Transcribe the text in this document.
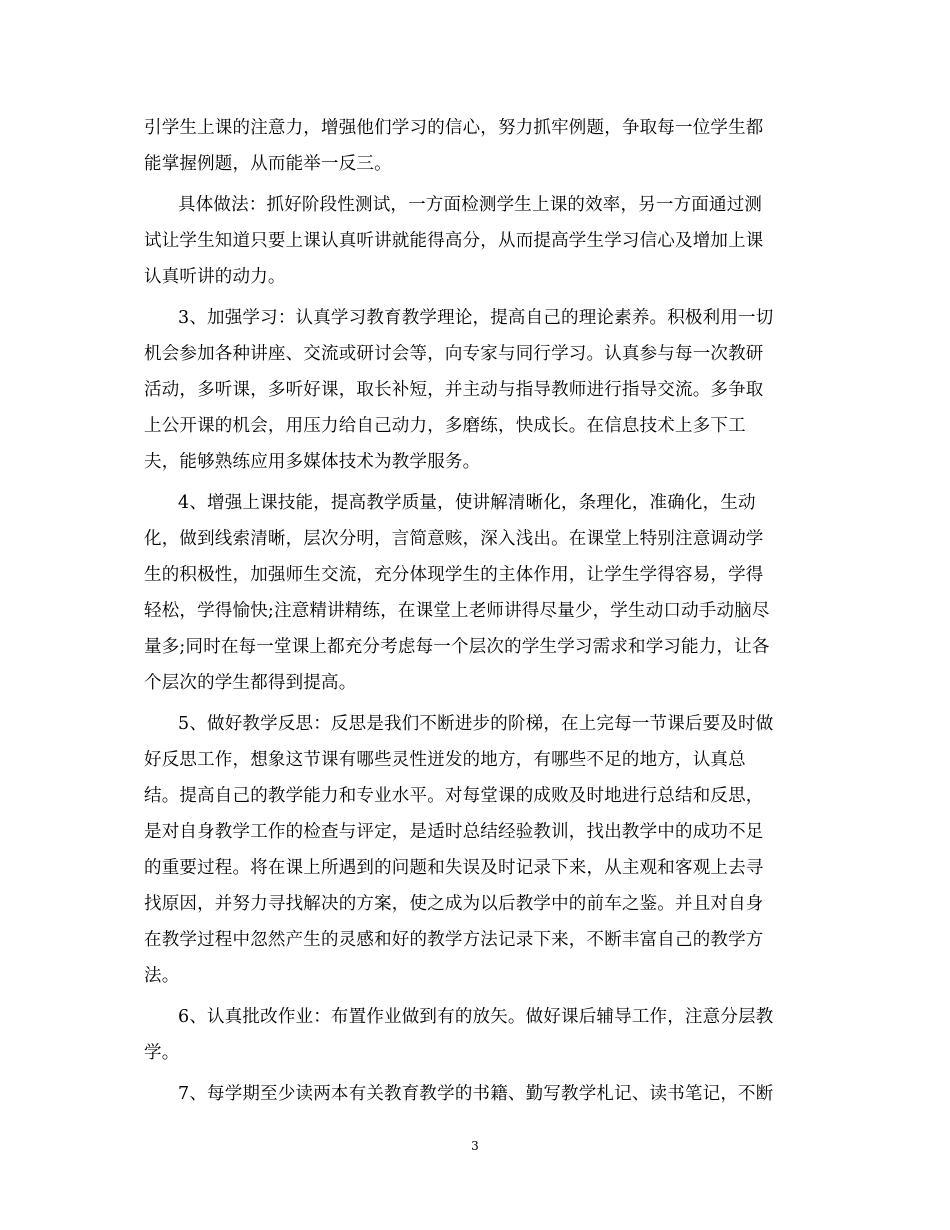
引学生上课的注意力，增强他们学习的信心，努力抓牢例题，争取每一位学生都
能掌握例题，从而能举一反三。
具体做法：抓好阶段性测试，一方面检测学生上课的效率，另一方面通过测
试让学生知道只要上课认真听讲就能得高分，从而提高学生学习信心及增加上课
认真听讲的动力。
3、加强学习：认真学习教育教学理论，提高自己的理论素养。积极利用一切
机会参加各种讲座、交流或研讨会等，向专家与同行学习。认真参与每一次教研
活动，多听课，多听好课，取长补短，并主动与指导教师进行指导交流。多争取
上公开课的机会，用压力给自己动力，多磨练，快成长。在信息技术上多下工
夫，能够熟练应用多媒体技术为教学服务。
4、增强上课技能，提高教学质量，使讲解清晰化，条理化，准确化，生动
化，做到线索清晰，层次分明，言简意赅，深入浅出。在课堂上特别注意调动学
生的积极性，加强师生交流，充分体现学生的主体作用，让学生学得容易，学得
轻松，学得愉快;注意精讲精练，在课堂上老师讲得尽量少，学生动口动手动脑尽
量多;同时在每一堂课上都充分考虑每一个层次的学生学习需求和学习能力，让各
个层次的学生都得到提高。
5、做好教学反思：反思是我们不断进步的阶梯，在上完每一节课后要及时做
好反思工作，想象这节课有哪些灵性迸发的地方，有哪些不足的地方，认真总
结。提高自己的教学能力和专业水平。对每堂课的成败及时地进行总结和反思，
是对自身教学工作的检查与评定，是适时总结经验教训，找出教学中的成功不足
的重要过程。将在课上所遇到的问题和失误及时记录下来，从主观和客观上去寻
找原因，并努力寻找解决的方案，使之成为以后教学中的前车之鉴。并且对自身
在教学过程中忽然产生的灵感和好的教学方法记录下来，不断丰富自己的教学方
法。
6、认真批改作业：布置作业做到有的放矢。做好课后辅导工作，注意分层教
学。
7、每学期至少读两本有关教育教学的书籍、勤写教学札记、读书笔记，不断
3
